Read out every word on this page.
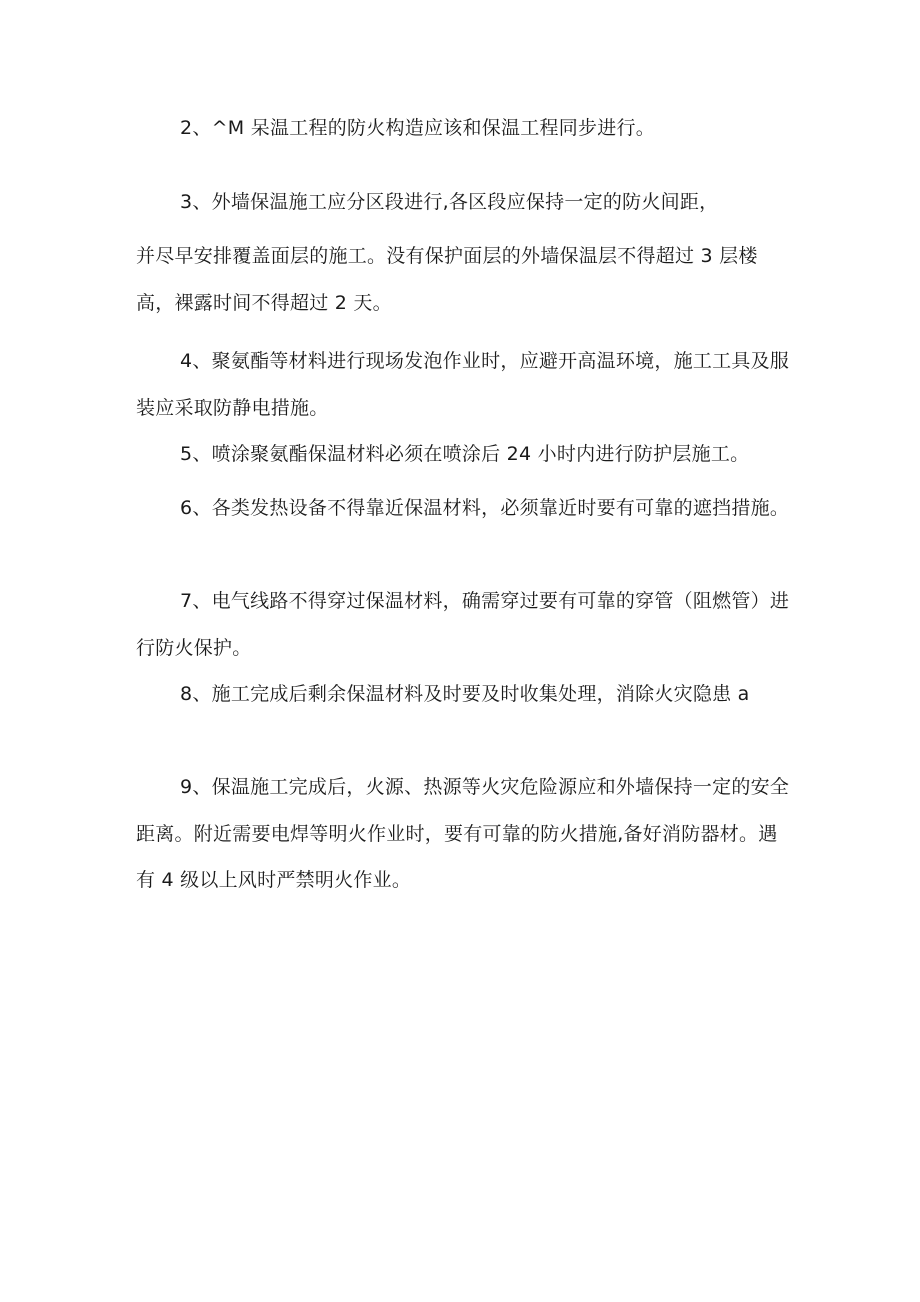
2、^M 呆温工程的防火构造应该和保温工程同步进行。

3、外墙保温施工应分区段进行,各区段应保持一定的防火间距，

并尽早安排覆盖面层的施工。没有保护面层的外墙保温层不得超过 3 层楼高，裸露时间不得超过 2 天。

4、聚氨酯等材料进行现场发泡作业时，应避开高温环境，施工工具及服装应采取防静电措施。

5、喷涂聚氨酯保温材料必须在喷涂后 24 小时内进行防护层施工。

6、各类发热设备不得靠近保温材料，必须靠近时要有可靠的遮挡措施。

7、电气线路不得穿过保温材料，确需穿过要有可靠的穿管（阻燃管）进行防火保护。

8、施工完成后剩余保温材料及时要及时收集处理，消除火灾隐患 a

9、保温施工完成后，火源、热源等火灾危险源应和外墙保持一定的安全距离。附近需要电焊等明火作业时，要有可靠的防火措施,备好消防器材。遇有 4 级以上风时严禁明火作业。
